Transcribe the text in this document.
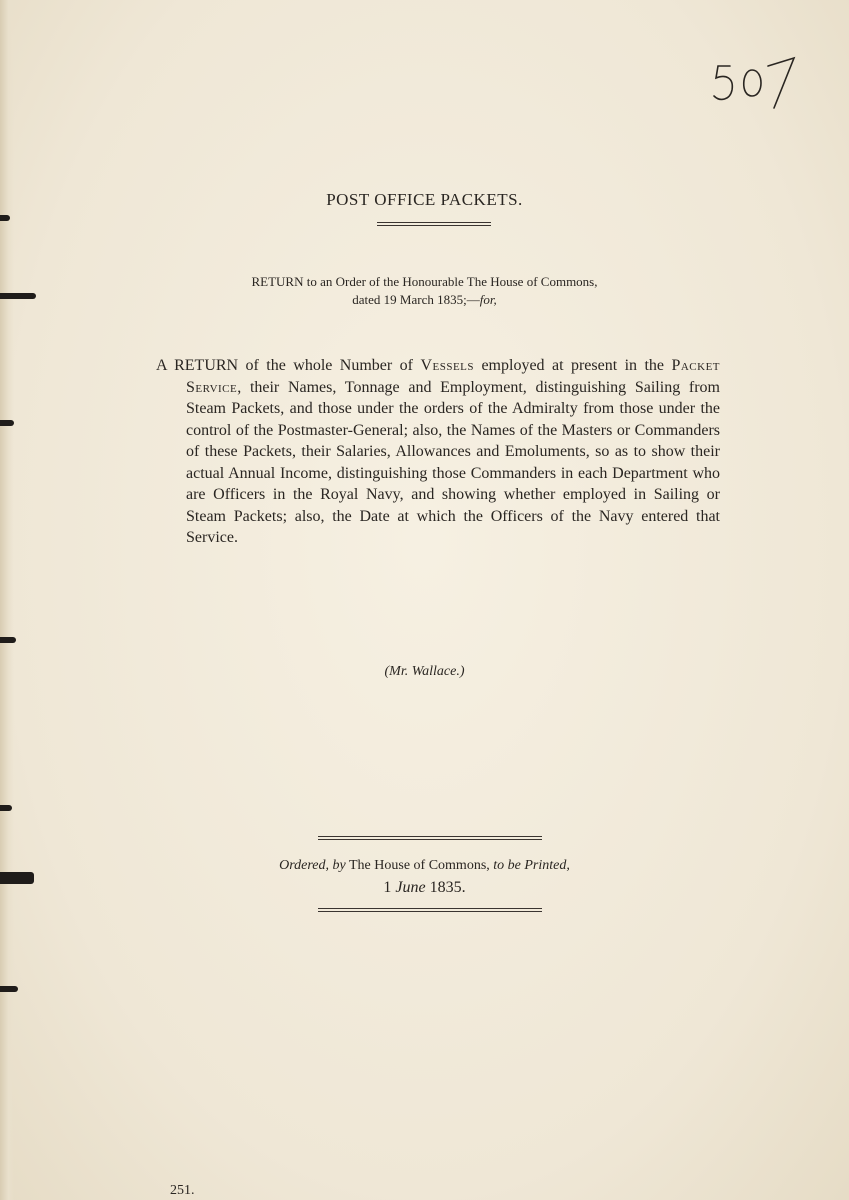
POST OFFICE PACKETS.
RETURN to an Order of the Honourable The House of Commons,
dated 19 March 1835;—for,
A RETURN of the whole Number of Vessels employed at present in the Packet Service, their Names, Tonnage and Employment, distinguishing Sailing from Steam Packets, and those under the orders of the Admiralty from those under the control of the Postmaster-General; also, the Names of the Masters or Commanders of these Packets, their Salaries, Allowances and Emoluments, so as to show their actual Annual Income, distinguishing those Commanders in each Department who are Officers in the Royal Navy, and showing whether employed in Sailing or Steam Packets; also, the Date at which the Officers of the Navy entered that Service.
(Mr. Wallace.)
Ordered, by The House of Commons, to be Printed,
1 June 1835.
251.
